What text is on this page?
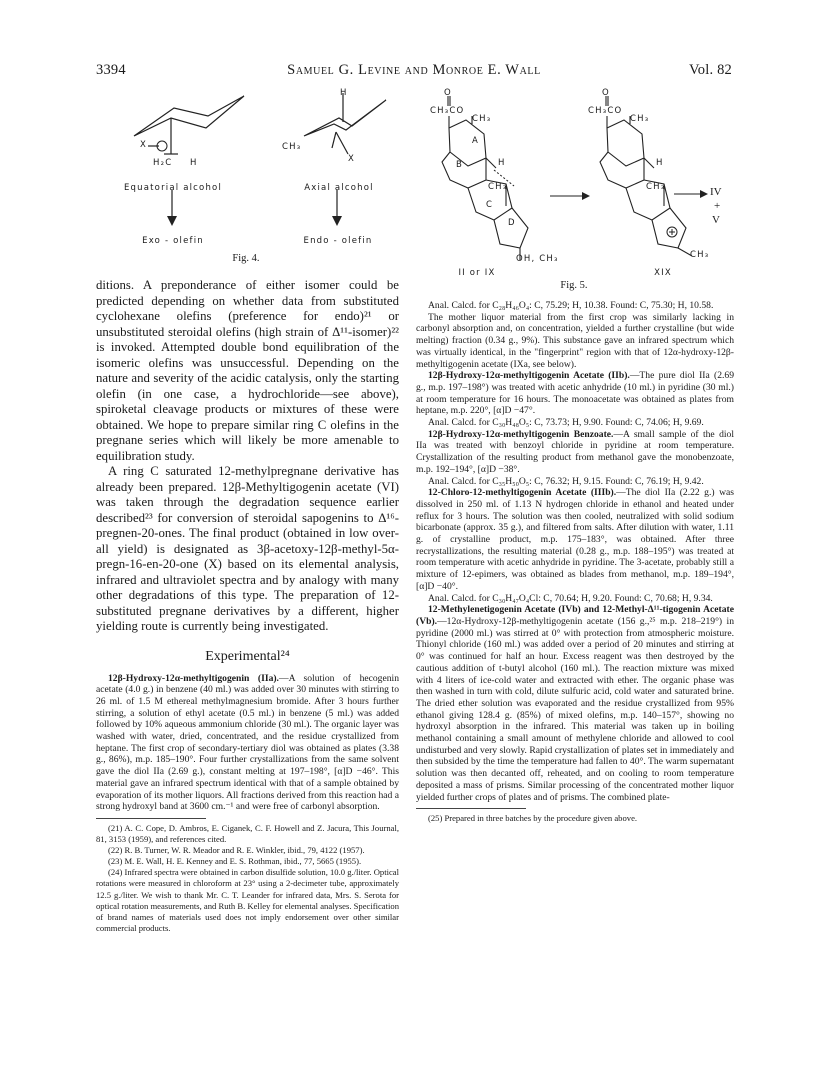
3394	Samuel G. Levine and Monroe E. Wall	Vol. 82
X
H₂C H
H
CH₃
X
Equatorial alcohol	Axial alcohol
Exo - olefin	Endo - olefin
Fig. 4.
O
CH₃CO
CH₃
A
B	H
CH₃
C
D
OH, CH₃
II or IX
O
CH₃CO
CH₃
H
CH₃
CH₃
IV
+
V
XIX
Fig. 5.

ditions. A preponderance of either isomer could be predicted depending on whether data from substituted cyclohexane olefins (preference for endo)²¹ or unsubstituted steroidal olefins (high strain of Δ¹¹-isomer)²² is invoked. Attempted double bond equilibration of the isomeric olefins was unsuccessful. Depending on the nature and severity of the acidic catalysis, only the starting olefin (in one case, a hydrochloride—see above), spiroketal cleavage products or mixtures of these were obtained. We hope to prepare similar ring C olefins in the pregnane series which will likely be more amenable to equilibration study.

A ring C saturated 12-methylpregnane derivative has already been prepared. 12β-Methyltigogenin acetate (VI) was taken through the degradation sequence earlier described²³ for conversion of steroidal sapogenins to Δ¹⁶-pregnen-20-ones. The final product (obtained in low over-all yield) is designated as 3β-acetoxy-12β-methyl-5α-pregn-16-en-20-one (X) based on its elemental analysis, infrared and ultraviolet spectra and by analogy with many other degradations of this type. The preparation of 12-substituted pregnane derivatives by a different, higher yielding route is currently being investigated.

Experimental²⁴

12β-Hydroxy-12α-methyltigogenin (IIa).—A solution of hecogenin acetate (4.0 g.) in benzene (40 ml.) was added over 30 minutes with stirring to 26 ml. of 1.5 M ethereal methylmagnesium bromide. After 3 hours further stirring, a solution of ethyl acetate (0.5 ml.) in benzene (5 ml.) was added followed by 10% aqueous ammonium chloride (30 ml.). The organic layer was washed with water, dried, concentrated, and the residue crystallized from heptane. The first crop of secondary-tertiary diol was obtained as plates (3.38 g., 86%), m.p. 185–190°. Four further crystallizations from the same solvent gave the diol IIa (2.69 g.), constant melting at 197–198°, [α]D −46°. This material gave an infrared spectrum identical with that of a sample obtained by evaporation of its mother liquors. All fractions derived from this reaction had a strong hydroxyl band at 3600 cm.⁻¹ and were free of carbonyl absorption.

(21) A. C. Cope, D. Ambros, E. Ciganek, C. F. Howell and Z. Jacura, This Journal, 81, 3153 (1959), and references cited.

(22) R. B. Turner, W. R. Meador and R. E. Winkler, ibid., 79, 4122 (1957).

(23) M. E. Wall, H. E. Kenney and E. S. Rothman, ibid., 77, 5665 (1955).

(24) Infrared spectra were obtained in carbon disulfide solution, 10.0 g./liter. Optical rotations were measured in chloroform at 23° using a 2-decimeter tube, approximately 12.5 g./liter. We wish to thank Mr. C. T. Leander for infrared data, Mrs. S. Serota for optical rotation measurements, and Ruth B. Kelley for elemental analyses. Specification of brand names of materials used does not imply endorsement over other similar commercial products.

Anal. Calcd. for C₂₈H₄₆O₄: C, 75.29; H, 10.38. Found: C, 75.30; H, 10.58.

The mother liquor material from the first crop was similarly lacking in carbonyl absorption and, on concentration, yielded a further crystalline (but wide melting) fraction (0.34 g., 9%). This substance gave an infrared spectrum which was virtually identical, in the "fingerprint" region with that of 12α-hydroxy-12β-methyltigogenin acetate (IXa, see below).

12β-Hydroxy-12α-methyltigogenin Acetate (IIb).—The pure diol IIa (2.69 g., m.p. 197–198°) was treated with acetic anhydride (10 ml.) in pyridine (30 ml.) at room temperature for 16 hours. The monoacetate was obtained as plates from heptane, m.p. 220°, [α]D −47°.

Anal. Calcd. for C₃₀H₄₈O₅: C, 73.73; H, 9.90. Found: C, 74.06; H, 9.69.

12β-Hydroxy-12α-methyltigogenin Benzoate.—A small sample of the diol IIa was treated with benzoyl chloride in pyridine at room temperature. Crystallization of the resulting product from methanol gave the monobenzoate, m.p. 192–194°, [α]D −38°.

Anal. Calcd. for C₃₅H₅₀O₅: C, 76.32; H, 9.15. Found: C, 76.19; H, 9.42.

12-Chloro-12-methyltigogenin Acetate (IIIb).—The diol IIa (2.22 g.) was dissolved in 250 ml. of 1.13 N hydrogen chloride in ethanol and heated under reflux for 3 hours. The solution was then cooled, neutralized with solid sodium bicarbonate (approx. 35 g.), and filtered from salts. After dilution with water, 1.11 g. of crystalline product, m.p. 175–183°, was obtained. After three recrystallizations, the resulting material (0.28 g., m.p. 188–195°) was treated at room temperature with acetic anhydride in pyridine. The 3-acetate, probably still a mixture of 12-epimers, was obtained as blades from methanol, m.p. 189–194°, [α]D −40°.

Anal. Calcd. for C₃₀H₄₇O₄Cl: C, 70.64; H, 9.20. Found: C, 70.68; H, 9.34.

12-Methylenetigogenin Acetate (IVb) and 12-Methyl-Δ¹¹-tigogenin Acetate (Vb).—12α-Hydroxy-12β-methyltigogenin acetate (156 g.,²⁵ m.p. 218–219°) in pyridine (2000 ml.) was stirred at 0° with protection from atmospheric moisture. Thionyl chloride (160 ml.) was added over a period of 20 minutes and stirring at 0° was continued for half an hour. Excess reagent was then destroyed by the cautious addition of t-butyl alcohol (160 ml.). The reaction mixture was mixed with 4 liters of ice-cold water and extracted with ether. The organic phase was then washed in turn with cold, dilute sulfuric acid, cold water and saturated brine. The dried ether solution was evaporated and the residue crystallized from 95% ethanol giving 128.4 g. (85%) of mixed olefins, m.p. 140–157°, showing no hydroxyl absorption in the infrared. This material was taken up in boiling methanol containing a small amount of methylene chloride and allowed to cool undisturbed and very slowly. Rapid crystallization of plates set in immediately and then subsided by the time the temperature had fallen to 40°. The warm supernatant solution was then decanted off, reheated, and on cooling to room temperature deposited a mass of prisms. Similar processing of the concentrated mother liquor yielded further crops of plates and of prisms. The combined plate-

(25) Prepared in three batches by the procedure given above.
